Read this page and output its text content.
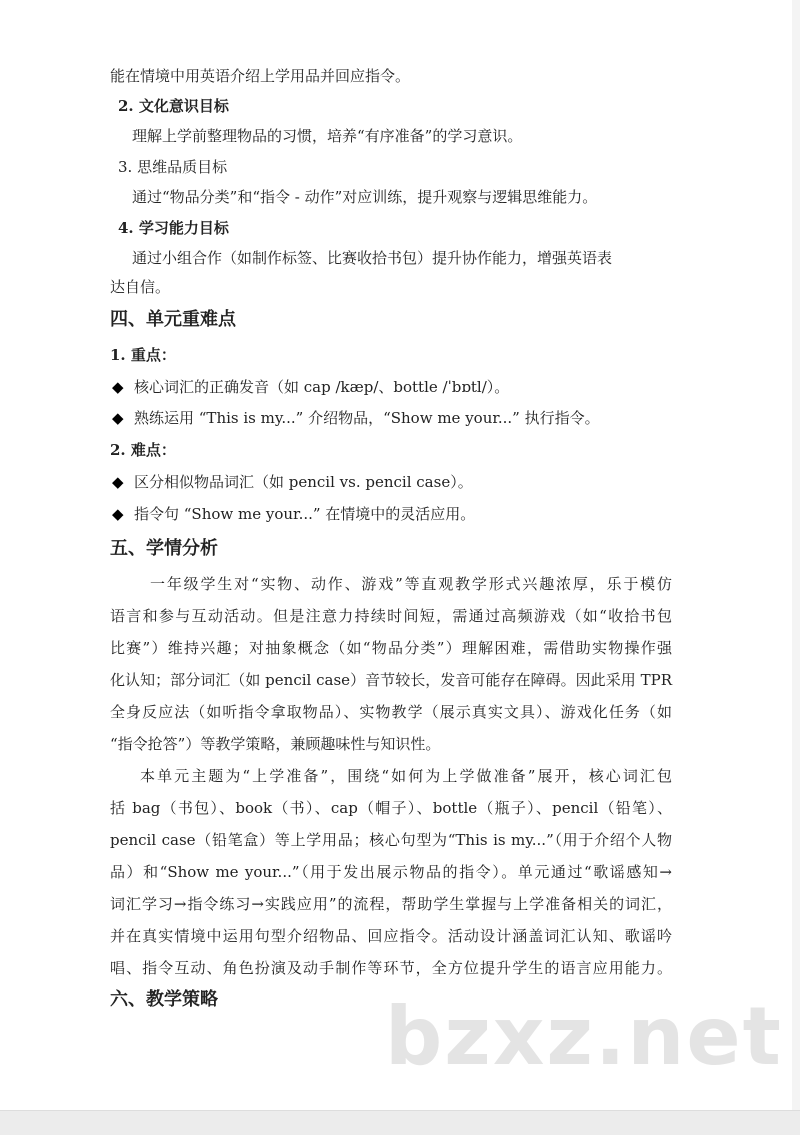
能在情境中用英语介绍上学用品并回应指令。
2. 文化意识目标
理解上学前整理物品的习惯，培养“有序准备”的学习意识。
3. 思维品质目标
通过“物品分类”和“指令 - 动作”对应训练，提升观察与逻辑思维能力。
4. 学习能力目标
通过小组合作（如制作标签、比赛收拾书包）提升协作能力，增强英语表
达自信。
四、单元重难点
1. 重点：
◆ 核心词汇的正确发音（如 cap /kæp/、bottle /ˈbɒtl/）。
◆ 熟练运用 “This is my...” 介绍物品，“Show me your...” 执行指令。
2. 难点：
◆ 区分相似物品词汇（如 pencil vs. pencil case）。
◆ 指令句 “Show me your...” 在情境中的灵活应用。
五、学情分析
一年级学生对“实物、动作、游戏”等直观教学形式兴趣浓厚，乐于模仿
语言和参与互动活动。但是注意力持续时间短，需通过高频游戏（如“收拾书包
比赛”）维持兴趣；对抽象概念（如“物品分类”）理解困难，需借助实物操作强
化认知；部分词汇（如 pencil case）音节较长，发音可能存在障碍。因此采用 TPR
全身反应法（如听指令拿取物品）、实物教学（展示真实文具）、游戏化任务（如
“指令抢答”）等教学策略，兼顾趣味性与知识性。
本单元主题为“上学准备”，围绕“如何为上学做准备”展开，核心词汇包
括 bag（书包）、book（书）、cap（帽子）、bottle（瓶子）、pencil（铅笔）、
pencil case（铅笔盒）等上学用品；核心句型为“This is my...”（用于介绍个人物
品）和“Show me your...”（用于发出展示物品的指令）。单元通过“歌谣感知→
词汇学习→指令练习→实践应用”的流程，帮助学生掌握与上学准备相关的词汇，
并在真实情境中运用句型介绍物品、回应指令。活动设计涵盖词汇认知、歌谣吟
唱、指令互动、角色扮演及动手制作等环节，全方位提升学生的语言应用能力。
六、教学策略 bzxz.net
